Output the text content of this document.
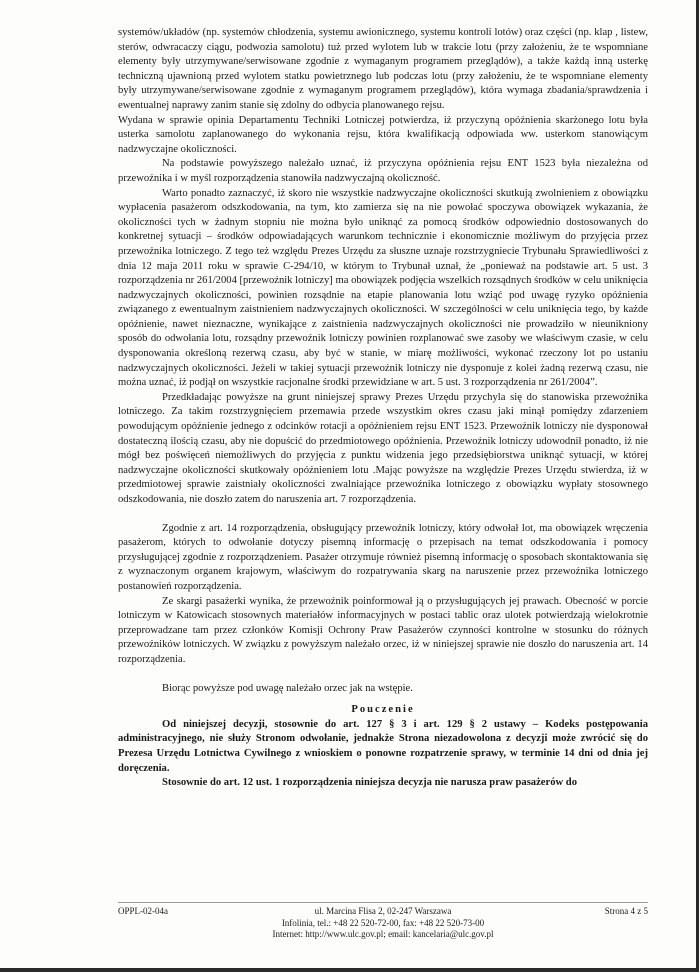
systemów/układów (np. systemów chłodzenia, systemu awionicznego, systemu kontroli lotów) oraz części (np. klap , listew, sterów, odwracaczy ciągu, podwozia samolotu) tuż przed wylotem lub w trakcie lotu (przy założeniu, że te wspomniane elementy były utrzymywane/serwisowane zgodnie z wymaganym programem przeglądów), a także każdą inną usterkę techniczną ujawnioną przed wylotem statku powietrznego lub podczas lotu (przy założeniu, że te wspomniane elementy były utrzymywane/serwisowane zgodnie z wymaganym programem przeglądów), która wymaga zbadania/sprawdzenia i ewentualnej naprawy zanim stanie się zdolny do odbycia planowanego rejsu.

Wydana w sprawie opinia Departamentu Techniki Lotniczej potwierdza, iż przyczyną opóźnienia skarżonego lotu była usterka samolotu zaplanowanego do wykonania rejsu, która kwalifikacją odpowiada ww. usterkom stanowiącym nadzwyczajne okoliczności.

Na podstawie powyższego należało uznać, iż przyczyna opóźnienia rejsu ENT 1523 była niezależna od przewoźnika i w myśl rozporządzenia stanowiła nadzwyczajną okoliczność.

Warto ponadto zaznaczyć, iż skoro nie wszystkie nadzwyczajne okoliczności skutkują zwolnieniem z obowiązku wypłacenia pasażerom odszkodowania, na tym, kto zamierza się na nie powołać spoczywa obowiązek wykazania, że okoliczności tych w żadnym stopniu nie można było uniknąć za pomocą środków odpowiednio dostosowanych do konkretnej sytuacji – środków odpowiadających warunkom technicznie i ekonomicznie możliwym do przyjęcia przez przewoźnika lotniczego. Z tego też względu Prezes Urzędu za słuszne uznaje rozstrzygniecie Trybunału Sprawiedliwości z dnia 12 maja 2011 roku w sprawie C-294/10, w którym to Trybunał uznał, że „ponieważ na podstawie art. 5 ust. 3 rozporządzenia nr 261/2004 [przewoźnik lotniczy] ma obowiązek podjęcia wszelkich rozsądnych środków w celu uniknięcia nadzwyczajnych okoliczności, powinien rozsądnie na etapie planowania lotu wziąć pod uwagę ryzyko opóźnienia związanego z ewentualnym zaistnieniem nadzwyczajnych okoliczności. W szczególności w celu uniknięcia tego, by każde opóźnienie, nawet nieznaczne, wynikające z zaistnienia nadzwyczajnych okoliczności nie prowadziło w nieunikniony sposób do odwołania lotu, rozsądny przewoźnik lotniczy powinien rozplanować swe zasoby we właściwym czasie, w celu dysponowania określoną rezerwą czasu, aby być w stanie, w miarę możliwości, wykonać rzeczony lot po ustaniu nadzwyczajnych okoliczności. Jeżeli w takiej sytuacji przewoźnik lotniczy nie dysponuje z kolei żadną rezerwą czasu, nie można uznać, iż podjął on wszystkie racjonalne środki przewidziane w art. 5 ust. 3 rozporządzenia nr 261/2004”.

Przedkładając powyższe na grunt niniejszej sprawy Prezes Urzędu przychyla się do stanowiska przewoźnika lotniczego. Za takim rozstrzygnięciem przemawia przede wszystkim okres czasu jaki minął pomiędzy zdarzeniem powodującym opóźnienie jednego z odcinków rotacji a opóźnieniem rejsu ENT 1523. Przewoźnik lotniczy nie dysponował dostateczną ilością czasu, aby nie dopuścić do przedmiotowego opóźnienia. Przewoźnik lotniczy udowodnił ponadto, iż nie mógł bez poświęceń niemożliwych do przyjęcia z punktu widzenia jego przedsiębiorstwa uniknąć sytuacji, w której nadzwyczajne okoliczności skutkowały opóźnieniem lotu .Mając powyższe na względzie Prezes Urzędu stwierdza, iż w przedmiotowej sprawie zaistniały okoliczności zwalniające przewoźnika lotniczego z obowiązku wypłaty stosownego odszkodowania, nie doszło zatem do naruszenia art. 7 rozporządzenia.

Zgodnie z art. 14 rozporządzenia, obsługujący przewoźnik lotniczy, który odwołał lot, ma obowiązek wręczenia pasażerom, których to odwołanie dotyczy pisemną informację o przepisach na temat odszkodowania i pomocy przysługującej zgodnie z rozporządzeniem. Pasażer otrzymuje również pisemną informację o sposobach skontaktowania się z wyznaczonym organem krajowym, właściwym do rozpatrywania skarg na naruszenie przez przewoźnika lotniczego postanowień rozporządzenia.

Ze skargi pasażerki wynika, że przewoźnik poinformował ją o przysługujących jej prawach. Obecność w porcie lotniczym w Katowicach stosownych materiałów informacyjnych w postaci tablic oraz ulotek potwierdzają wielokrotnie przeprowadzane tam przez członków Komisji Ochrony Praw Pasażerów czynności kontrolne w stosunku do różnych przewoźników lotniczych. W związku z powyższym należało orzec, iż w niniejszej sprawie nie doszło do naruszenia art. 14 rozporządzenia.

Biorąc powyższe pod uwagę należało orzec jak na wstępie.

Pouczenie

Od niniejszej decyzji, stosownie do art. 127 § 3 i art. 129 § 2 ustawy – Kodeks postępowania administracyjnego, nie służy Stronom odwołanie, jednakże Strona niezadowolona z decyzji może zwrócić się do Prezesa Urzędu Lotnictwa Cywilnego z wnioskiem o ponowne rozpatrzenie sprawy, w terminie 14 dni od dnia jej doręczenia.

Stosownie do art. 12 ust. 1 rozporządzenia niniejsza decyzja nie narusza praw pasażerów do

OPPL-02-04a	Strona 4 z 5
ul. Marcina Flisa 2, 02-247 Warszawa
Infolinia, tel.: +48 22 520-72-00, fax: +48 22 520-73-00
Internet: http://www.ulc.gov.pl; email: kancelaria@ulc.gov.pl
